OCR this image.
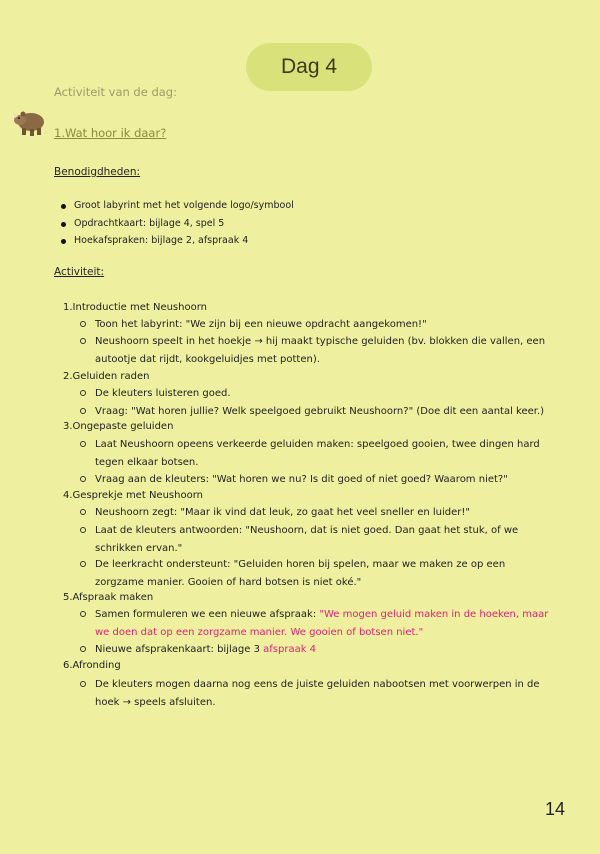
Dag 4
Activiteit van de dag:
1.Wat hoor ik daar?
Benodigdheden:
Groot labyrint met het volgende logo/symbool
Opdrachtkaart: bijlage 4, spel 5
Hoekafspraken: bijlage 2, afspraak 4
Activiteit:
1.Introductie met Neushoorn
Toon het labyrint: "We zijn bij een nieuwe opdracht aangekomen!"
Neushoorn speelt in het hoekje → hij maakt typische geluiden (bv. blokken die vallen, een autootje dat rijdt, kookgeluidjes met potten).
2.Geluiden raden
De kleuters luisteren goed.
Vraag: "Wat horen jullie? Welk speelgoed gebruikt Neushoorn?" (Doe dit een aantal keer.)
3.Ongepaste geluiden
Laat Neushoorn opeens verkeerde geluiden maken: speelgoed gooien, twee dingen hard tegen elkaar botsen.
Vraag aan de kleuters: "Wat horen we nu? Is dit goed of niet goed? Waarom niet?"
4.Gesprekje met Neushoorn
Neushoorn zegt: "Maar ik vind dat leuk, zo gaat het veel sneller en luider!"
Laat de kleuters antwoorden: "Neushoorn, dat is niet goed. Dan gaat het stuk, of we schrikken ervan."
De leerkracht ondersteunt: "Geluiden horen bij spelen, maar we maken ze op een zorgzame manier. Gooien of hard botsen is niet oké."
5.Afspraak maken
Samen formuleren we een nieuwe afspraak: "We mogen geluid maken in de hoeken, maar we doen dat op een zorgzame manier. We gooien of botsen niet."
Nieuwe afsprakenkaart: bijlage 3 afspraak 4
6.Afronding
De kleuters mogen daarna nog eens de juiste geluiden nabootsen met voorwerpen in de hoek → speels afsluiten.
14
